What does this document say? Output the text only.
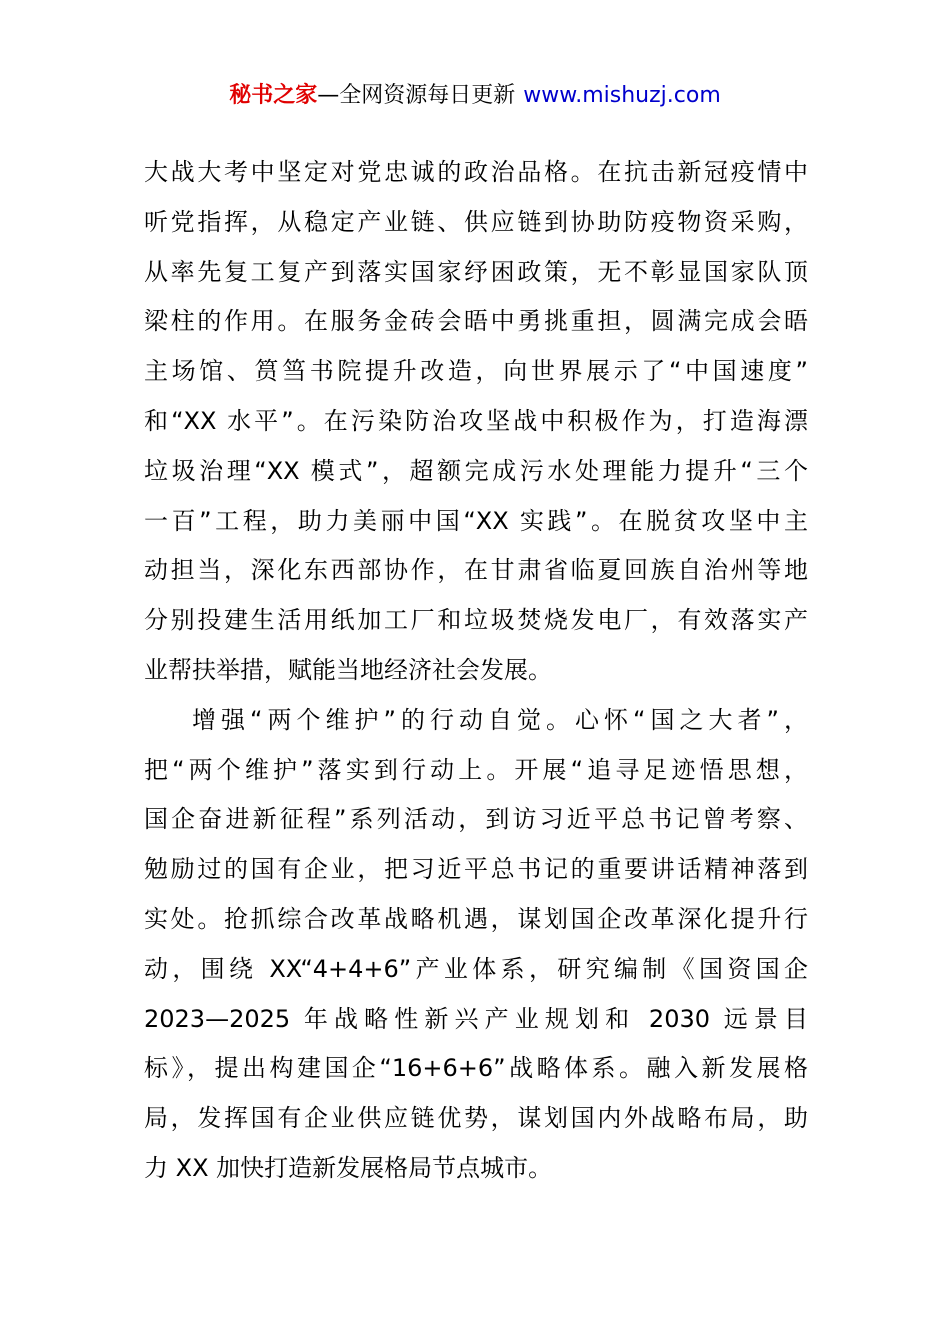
秘书之家—全网资源每日更新 www.mishuzj.com
大战大考中坚定对党忠诚的政治品格。在抗击新冠疫情中
听党指挥，从稳定产业链、供应链到协助防疫物资采购，
从率先复工复产到落实国家纾困政策，无不彰显国家队顶
梁柱的作用。在服务金砖会晤中勇挑重担，圆满完成会晤
主场馆、筼筜书院提升改造，向世界展示了“中国速度”
和“XX 水平”。在污染防治攻坚战中积极作为，打造海漂
垃圾治理“XX 模式”，超额完成污水处理能力提升“三个
一百”工程，助力美丽中国“XX 实践”。在脱贫攻坚中主
动担当，深化东西部协作，在甘肃省临夏回族自治州等地
分别投建生活用纸加工厂和垃圾焚烧发电厂，有效落实产
业帮扶举措，赋能当地经济社会发展。
增强“两个维护”的行动自觉。心怀“国之大者”，
把“两个维护”落实到行动上。开展“追寻足迹悟思想，
国企奋进新征程”系列活动，到访习近平总书记曾考察、
勉励过的国有企业，把习近平总书记的重要讲话精神落到
实处。抢抓综合改革战略机遇，谋划国企改革深化提升行
动，围绕 XX“4+4+6”产业体系，研究编制《国资国企
2023—2025 年战略性新兴产业规划和 2030 远景目
标》，提出构建国企“16+6+6”战略体系。融入新发展格
局，发挥国有企业供应链优势，谋划国内外战略布局，助
力 XX 加快打造新发展格局节点城市。
